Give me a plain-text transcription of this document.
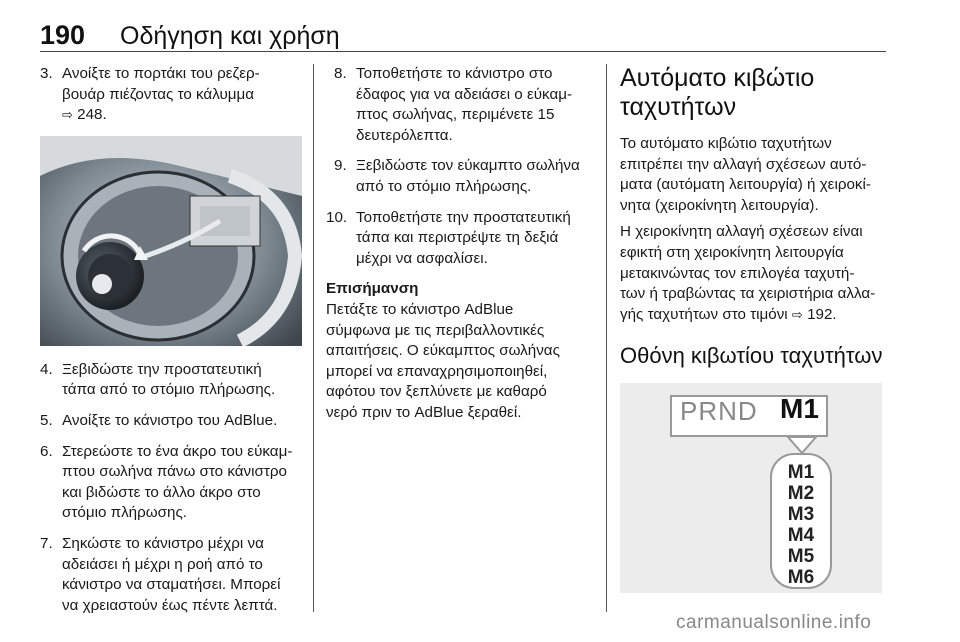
190 Οδήγηση και χρήση
3. Ανοίξτε το πορτάκι του ρεζερ-
βουάρ πιέζοντας το κάλυμμα
⇨ 248.
4. Ξεβιδώστε την προστατευτική
τάπα από το στόμιο πλήρωσης.
5. Ανοίξτε το κάνιστρο του AdBlue.
6. Στερεώστε το ένα άκρο του εύκαμ-
πτου σωλήνα πάνω στο κάνιστρο
και βιδώστε το άλλο άκρο στο
στόμιο πλήρωσης.
7. Σηκώστε το κάνιστρο μέχρι να
αδειάσει ή μέχρι η ροή από το
κάνιστρο να σταματήσει. Μπορεί
να χρειαστούν έως πέντε λεπτά.
8. Τοποθετήστε το κάνιστρο στο
έδαφος για να αδειάσει ο εύκαμ-
πτος σωλήνας, περιμένετε 15
δευτερόλεπτα.
9. Ξεβιδώστε τον εύκαμπτο σωλήνα
από το στόμιο πλήρωσης.
10. Τοποθετήστε την προστατευτική
τάπα και περιστρέψτε τη δεξιά
μέχρι να ασφαλίσει.
Επισήμανση
Πετάξτε το κάνιστρο AdBlue
σύμφωνα με τις περιβαλλοντικές
απαιτήσεις. Ο εύκαμπτος σωλήνας
μπορεί να επαναχρησιμοποιηθεί,
αφότου τον ξεπλύνετε με καθαρό
νερό πριν το AdBlue ξεραθεί.
Αυτόματο κιβώτιο
ταχυτήτων

Το αυτόματο κιβώτιο ταχυτήτων
επιτρέπει την αλλαγή σχέσεων αυτό-
ματα (αυτόματη λειτουργία) ή χειροκί-
νητα (χειροκίνητη λειτουργία).

Η χειροκίνητη αλλαγή σχέσεων είναι
εφικτή στη χειροκίνητη λειτουργία
μετακινώντας τον επιλογέα ταχυτή-
των ή τραβώντας τα χειριστήρια αλλα-
γής ταχυτήτων στο τιμόνι ⇨ 192.

Οθόνη κιβωτίου ταχυτήτων
PRND M1
M1
M2
M3
M4
M5
M6
carmanualsonline.info
